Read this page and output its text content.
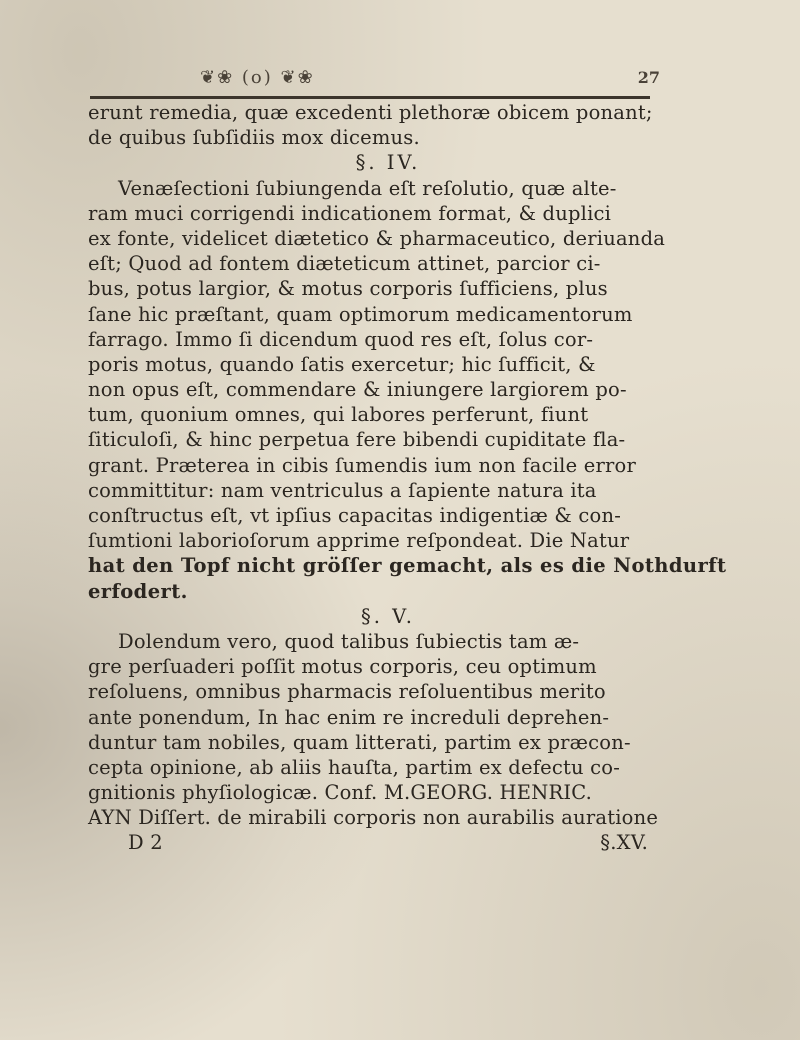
❦❀ (o) ❦❀	27
erunt remedia, quæ excedenti plethoræ obicem ponant;
de quibus ſubſidiis mox dicemus.
§. IV.
Venæſectioni ſubiungenda eſt reſolutio, quæ alte-
ram muci corrigendi indicationem format, & duplici
ex fonte, videlicet diætetico & pharmaceutico, deriuanda
eſt; Quod ad fontem diæteticum attinet, parcior ci-
bus, potus largior, & motus corporis ſufficiens, plus
ſane hic præſtant, quam optimorum medicamentorum
farrago. Immo ſi dicendum quod res eſt, ſolus cor-
poris motus, quando ſatis exercetur; hic ſufficit, &
non opus eſt, commendare & iniungere largiorem po-
tum, quonium omnes, qui labores perferunt, fiunt
ſiticuloſi, & hinc perpetua fere bibendi cupiditate fla-
grant. Præterea in cibis ſumendis ium non facile error
committitur: nam ventriculus a ſapiente natura ita
conſtructus eſt, vt ipſius capacitas indigentiæ & con-
ſumtioni laborioſorum apprime reſpondeat. Die Natur
hat den Topf nicht gröſſer gemacht, als es die Nothdurft
erfodert.
§. V.
Dolendum vero, quod talibus ſubiectis tam æ-
gre perſuaderi poſſit motus corporis, ceu optimum
reſoluens, omnibus pharmacis reſoluentibus merito
ante ponendum, In hac enim re increduli deprehen-
duntur tam nobiles, quam litterati, partim ex præcon-
cepta opinione, ab aliis hauſta, partim ex defectu co-
gnitionis phyſiologicæ. Conf. M.GEORG. HENRIC.
AYN Diſſert. de mirabili corporis non aurabilis auratione
D 2	§.XV.
